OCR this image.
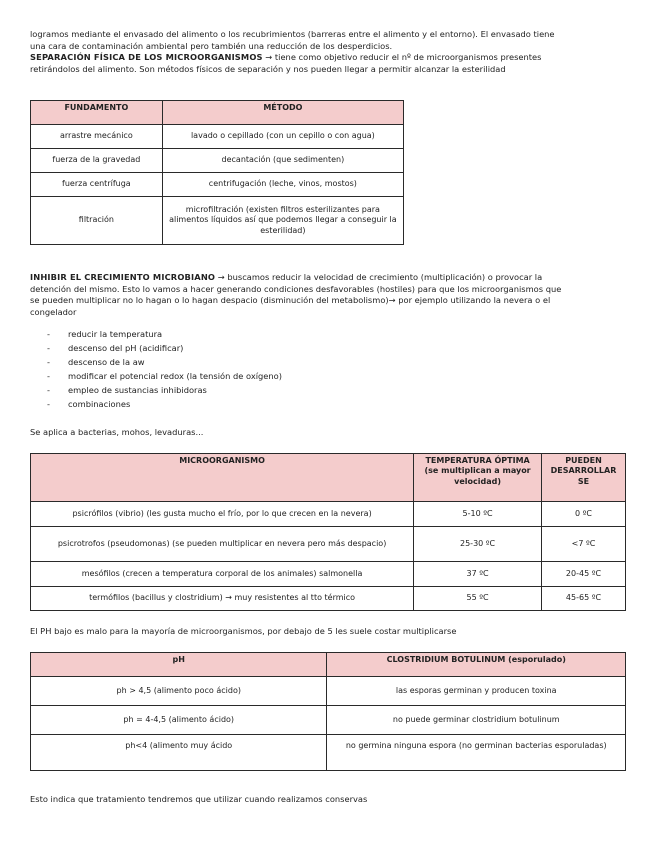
logramos mediante el envasado del alimento o los recubrimientos (barreras entre el alimento y el entorno). El envasado tiene
una cara de contaminación ambiental pero también una reducción de los desperdicios.
SEPARACIÓN FÍSICA DE LOS MICROORGANISMOS → tiene como objetivo reducir el nº de microorganismos presentes
retirándolos del alimento. Son métodos físicos de separación y nos pueden llegar a permitir alcanzar la esterilidad

FUNDAMENTO	MÉTODO
arrastre mecánico	lavado o cepillado (con un cepillo o con agua)
fuerza de la gravedad	decantación (que sedimenten)
fuerza centrífuga	centrifugación (leche, vinos, mostos)
filtración	microfiltración (existen filtros esterilizantes para alimentos líquidos así que podemos llegar a conseguir la esterilidad)

INHIBIR EL CRECIMIENTO MICROBIANO → buscamos reducir la velocidad de crecimiento (multiplicación) o provocar la
detención del mismo. Esto lo vamos a hacer generando condiciones desfavorables (hostiles) para que los microorganismos que
se pueden multiplicar no lo hagan o lo hagan despacio (disminución del metabolismo)→ por ejemplo utilizando la nevera o el
congelador

- reducir la temperatura
- descenso del pH (acidificar)
- descenso de la aw
- modificar el potencial redox (la tensión de oxígeno)
- empleo de sustancias inhibidoras
- combinaciones

Se aplica a bacterias, mohos, levaduras...

MICROORGANISMO	TEMPERATURA ÓPTIMA (se multiplican a mayor velocidad)	PUEDEN DESARROLLAR SE
psicrófilos (vibrio) (les gusta mucho el frío, por lo que crecen en la nevera)	5-10 ºC	0 ºC
psicrotrofos (pseudomonas) (se pueden multiplicar en nevera pero más despacio)	25-30 ºC	<7 ºC
mesófilos (crecen a temperatura corporal de los animales) salmonella	37 ºC	20-45 ºC
termófilos (bacillus y clostridium) → muy resistentes al tto térmico	55 ºC	45-65 ºC

El PH bajo es malo para la mayoría de microorganismos, por debajo de 5 les suele costar multiplicarse

pH	CLOSTRIDIUM BOTULINUM (esporulado)
ph > 4,5 (alimento poco ácido)	las esporas germinan y producen toxina
ph = 4-4,5 (alimento ácido)	no puede germinar clostridium botulinum
ph<4 (alimento muy ácido	no germina ninguna espora (no germinan bacterias esporuladas)

Esto indica que tratamiento tendremos que utilizar cuando realizamos conservas
